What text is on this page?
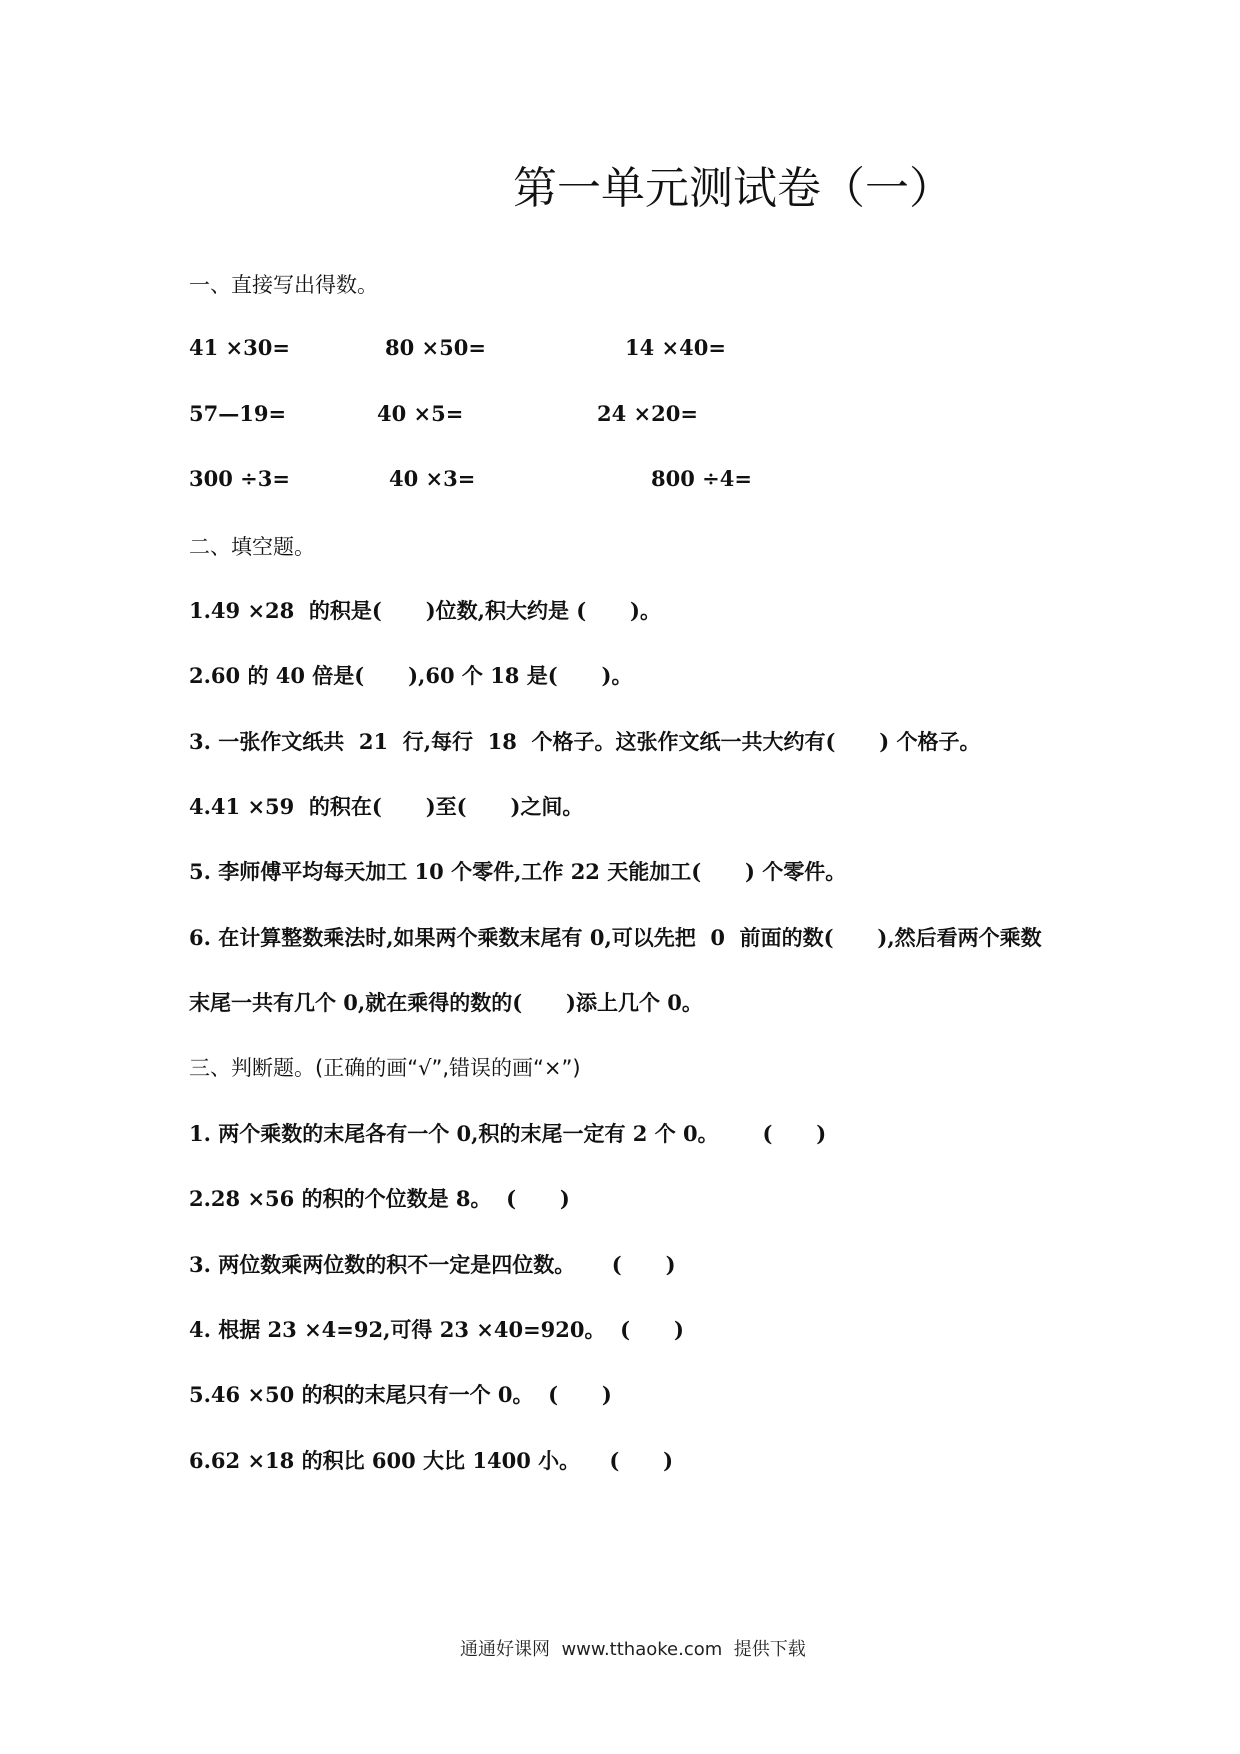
第一单元测试卷（一）
一、直接写出得数。
41 ×30=	80 ×50=	14 ×40=
57—19=	40 ×5=	24 ×20=
300 ÷3=	40 ×3=	800 ÷4=
二、填空题。
1.49 ×28  的积是(      )位数,积大约是 (      )。
2.60 的 40 倍是(      ),60 个 18 是(      )。
3. 一张作文纸共  21  行,每行  18  个格子。这张作文纸一共大约有(      ) 个格子。
4.41 ×59  的积在(      )至(      )之间。
5. 李师傅平均每天加工 10 个零件,工作 22 天能加工(      ) 个零件。
6. 在计算整数乘法时,如果两个乘数末尾有 0,可以先把  0  前面的数(      ),然后看两个乘数
末尾一共有几个 0,就在乘得的数的(      )添上几个 0。
三、判断题。(正确的画“√”,错误的画“×”)
1. 两个乘数的末尾各有一个 0,积的末尾一定有 2 个 0。      (      )
2.28 ×56 的积的个位数是 8。  (      )
3. 两位数乘两位数的积不一定是四位数。     (      )
4. 根据 23 ×4=92,可得 23 ×40=920。  (      )
5.46 ×50 的积的末尾只有一个 0。  (      )
6.62 ×18 的积比 600 大比 1400 小。    (      )
通通好课网  www.tthaoke.com  提供下载
